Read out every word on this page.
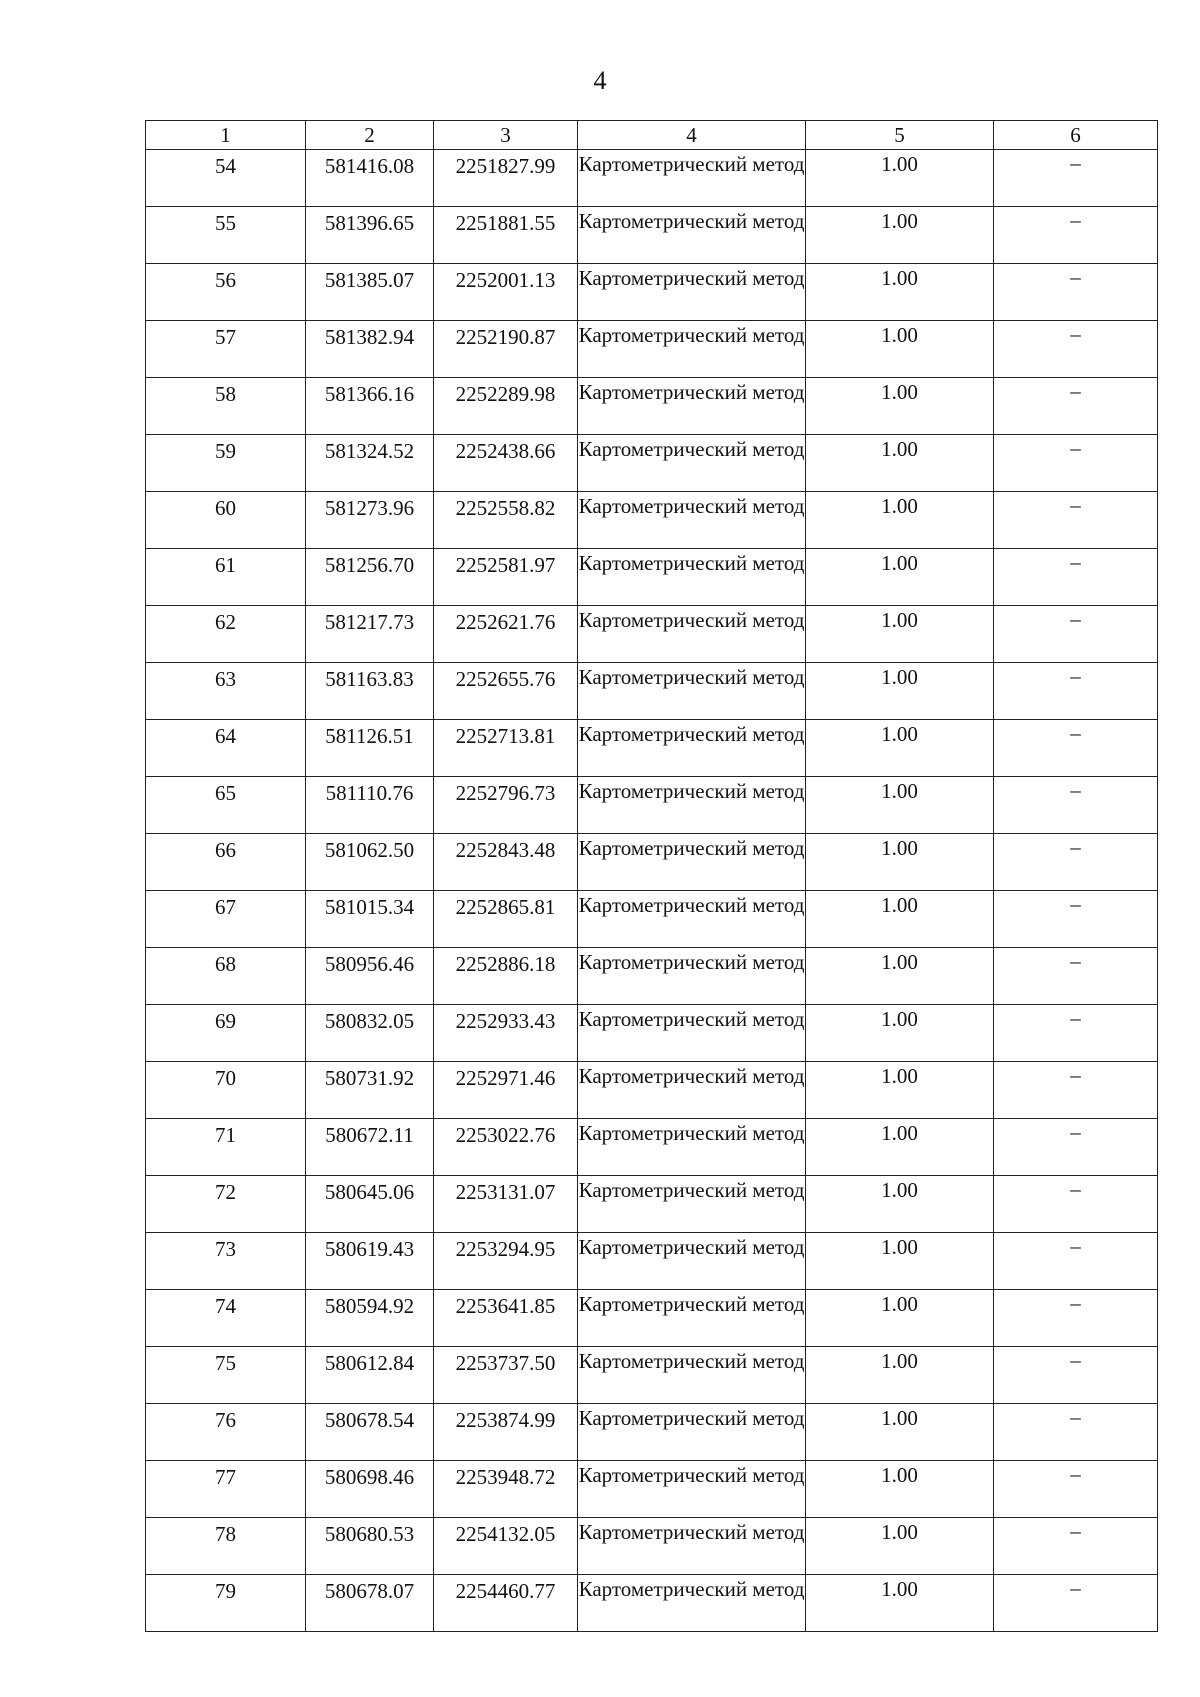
4
1	2	3	4	5	6
54	581416.08	2251827.99	Картометрический метод	1.00	–
55	581396.65	2251881.55	Картометрический метод	1.00	–
56	581385.07	2252001.13	Картометрический метод	1.00	–
57	581382.94	2252190.87	Картометрический метод	1.00	–
58	581366.16	2252289.98	Картометрический метод	1.00	–
59	581324.52	2252438.66	Картометрический метод	1.00	–
60	581273.96	2252558.82	Картометрический метод	1.00	–
61	581256.70	2252581.97	Картометрический метод	1.00	–
62	581217.73	2252621.76	Картометрический метод	1.00	–
63	581163.83	2252655.76	Картометрический метод	1.00	–
64	581126.51	2252713.81	Картометрический метод	1.00	–
65	581110.76	2252796.73	Картометрический метод	1.00	–
66	581062.50	2252843.48	Картометрический метод	1.00	–
67	581015.34	2252865.81	Картометрический метод	1.00	–
68	580956.46	2252886.18	Картометрический метод	1.00	–
69	580832.05	2252933.43	Картометрический метод	1.00	–
70	580731.92	2252971.46	Картометрический метод	1.00	–
71	580672.11	2253022.76	Картометрический метод	1.00	–
72	580645.06	2253131.07	Картометрический метод	1.00	–
73	580619.43	2253294.95	Картометрический метод	1.00	–
74	580594.92	2253641.85	Картометрический метод	1.00	–
75	580612.84	2253737.50	Картометрический метод	1.00	–
76	580678.54	2253874.99	Картометрический метод	1.00	–
77	580698.46	2253948.72	Картометрический метод	1.00	–
78	580680.53	2254132.05	Картометрический метод	1.00	–
79	580678.07	2254460.77	Картометрический метод	1.00	–
